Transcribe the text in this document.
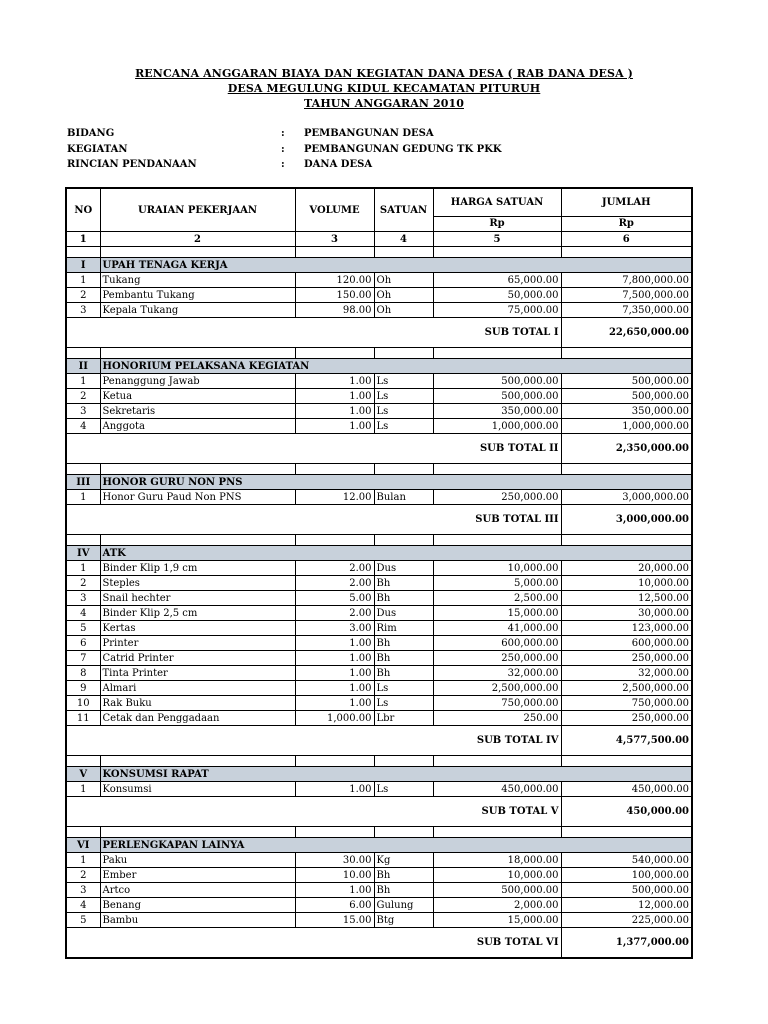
RENCANA ANGGARAN BIAYA DAN KEGIATAN DANA DESA ( RAB DANA DESA )
DESA MEGULUNG KIDUL KECAMATAN PITURUH
TAHUN ANGGARAN 2010
BIDANG	: PEMBANGUNAN DESA
KEGIATAN	: PEMBANGUNAN GEDUNG TK PKK
RINCIAN PENDANAAN	: DANA DESA
NO	URAIAN PEKERJAAN	VOLUME	SATUAN	HARGA SATUAN	JUMLAH
				Rp	Rp
1	2	3	4	5	6

I	UPAH TENAGA KERJA				
1	Tukang	120.00	Oh	65,000.00	7,800,000.00
2	Pembantu Tukang	150.00	Oh	50,000.00	7,500,000.00
3	Kepala Tukang	98.00	Oh	75,000.00	7,350,000.00
				SUB TOTAL I	22,650,000.00

II	HONORIUM PELAKSANA KEGIATAN				
1	Penanggung Jawab	1.00	Ls	500,000.00	500,000.00
2	Ketua	1.00	Ls	500,000.00	500,000.00
3	Sekretaris	1.00	Ls	350,000.00	350,000.00
4	Anggota	1.00	Ls	1,000,000.00	1,000,000.00
				SUB TOTAL II	2,350,000.00

III	HONOR GURU NON PNS				
1	Honor Guru Paud Non PNS	12.00	Bulan	250,000.00	3,000,000.00
				SUB TOTAL III	3,000,000.00

IV	ATK				
1	Binder Klip 1,9 cm	2.00	Dus	10,000.00	20,000.00
2	Steples	2.00	Bh	5,000.00	10,000.00
3	Snail hechter	5.00	Bh	2,500.00	12,500.00
4	Binder Klip 2,5 cm	2.00	Dus	15,000.00	30,000.00
5	Kertas	3.00	Rim	41,000.00	123,000.00
6	Printer	1.00	Bh	600,000.00	600,000.00
7	Catrid Printer	1.00	Bh	250,000.00	250,000.00
8	Tinta Printer	1.00	Bh	32,000.00	32,000.00
9	Almari	1.00	Ls	2,500,000.00	2,500,000.00
10	Rak Buku	1.00	Ls	750,000.00	750,000.00
11	Cetak dan Penggadaan	1,000.00	Lbr	250.00	250,000.00
				SUB TOTAL IV	4,577,500.00

V	KONSUMSI RAPAT				
1	Konsumsi	1.00	Ls	450,000.00	450,000.00
				SUB TOTAL V	450,000.00

VI	PERLENGKAPAN LAINYA				
1	Paku	30.00	Kg	18,000.00	540,000.00
2	Ember	10.00	Bh	10,000.00	100,000.00
3	Artco	1.00	Bh	500,000.00	500,000.00
4	Benang	6.00	Gulung	2,000.00	12,000.00
5	Bambu	15.00	Btg	15,000.00	225,000.00
				SUB TOTAL VI	1,377,000.00
